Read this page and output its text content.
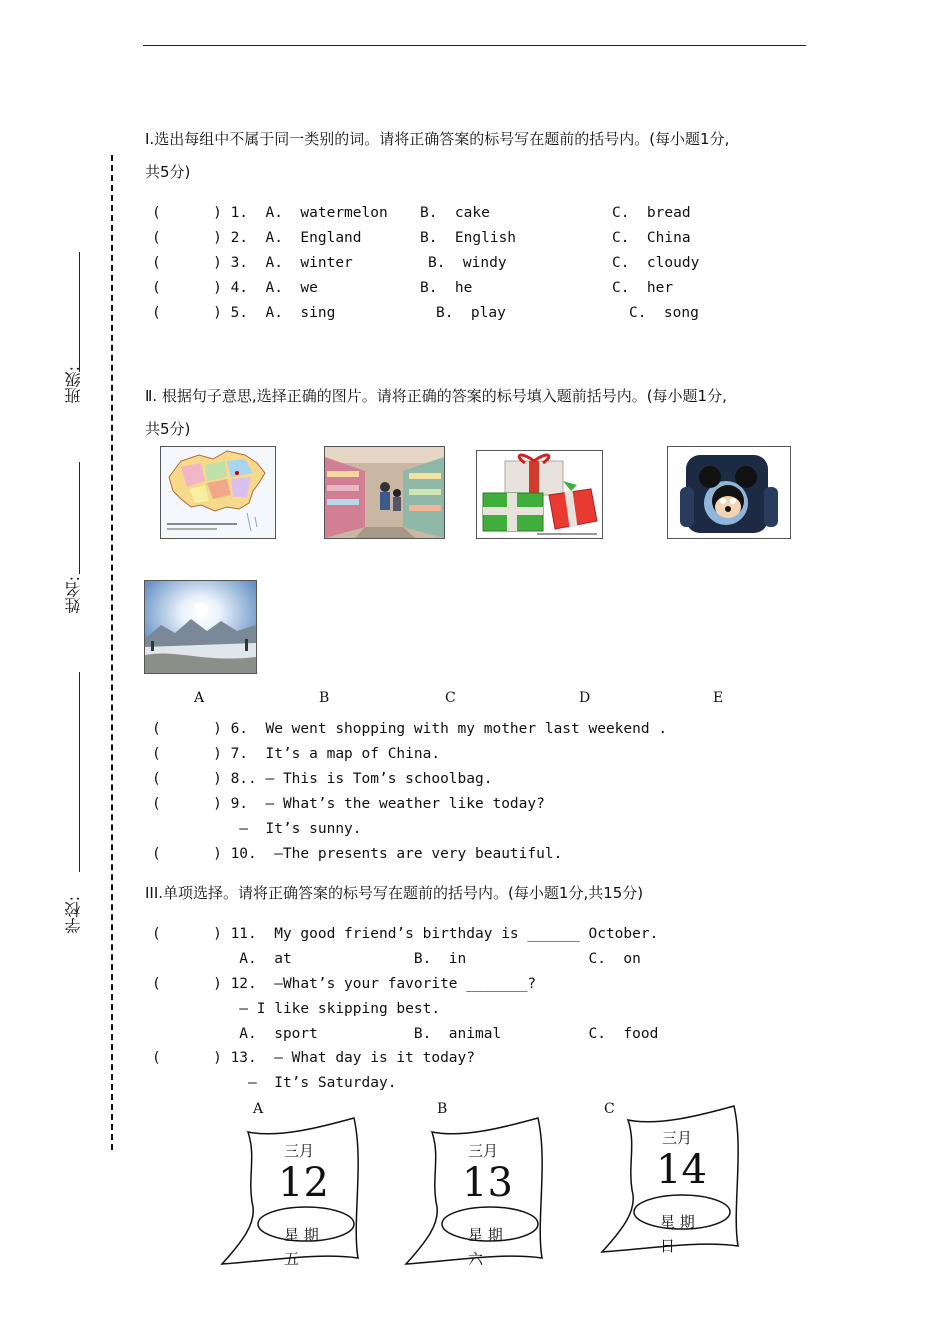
班级:
姓名:
学校:
Ⅰ.选出每组中不属于同一类别的词。请将正确答案的标号写在题前的括号内。(每小题1分,
共5分)
(      ) 1.  A.  watermelon B.  cake	C.  bread
(      ) 2.  A.  England	B.  English	C.  China
(      ) 3.  A.  winter	B.  windy	C.  cloudy
(      ) 4.  A.  we	B.  he	C.  her
(      ) 5.  A.  sing	B.  play	C.  song
Ⅱ. 根据句子意思,选择正确的图片。请将正确的答案的标号填入题前括号内。(每小题1分,
共5分)
A	B	C	D	E
(      ) 6.  We went shopping with my mother last weekend .
(      ) 7.  It’s a map of China.
(      ) 8.. — This is Tom’s schoolbag.
(      ) 9.  — What’s the weather like today?
—  It’s sunny.
(      ) 10.  —The presents are very beautiful.
III.单项选择。请将正确答案的标号写在题前的括号内。(每小题1分,共15分)
(      ) 11.  My good friend’s birthday is ______ October.
A.  at              B.  in              C.  on
(      ) 12.  —What’s your favorite _______?
— I like skipping best.
A.  sport           B.  animal          C.  food
(      ) 13.  — What day is it today?
—  It’s Saturday.
A	B	C
三月
12
星 期
五
三月
13
星 期
六
三月
14
星 期
日
